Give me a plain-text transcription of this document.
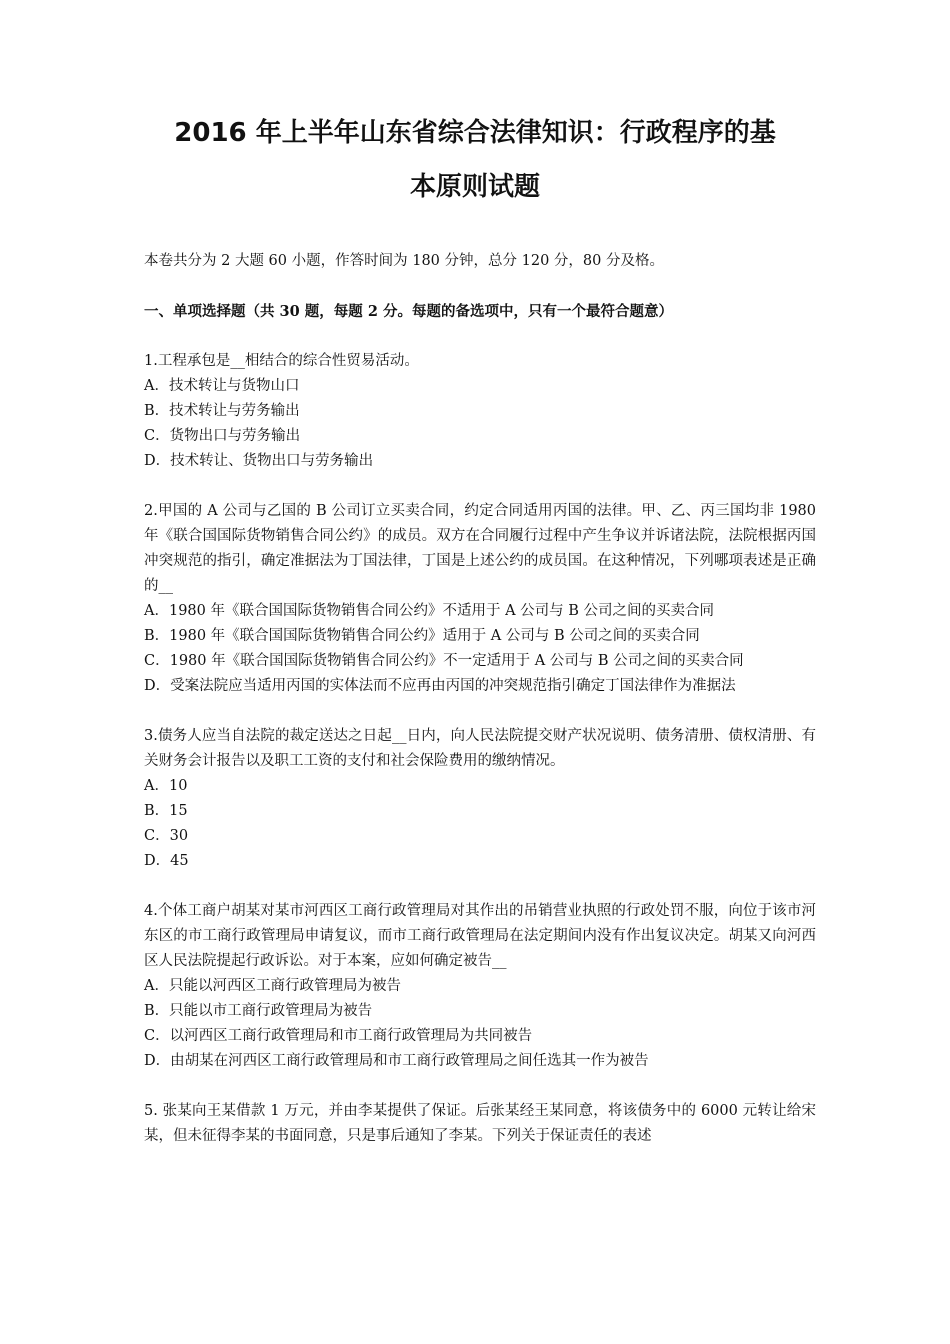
2016 年上半年山东省综合法律知识：行政程序的基
本原则试题

本卷共分为 2 大题 60 小题，作答时间为 180 分钟，总分 120 分，80 分及格。

一、单项选择题（共 30 题，每题 2 分。每题的备选项中，只有一个最符合题意）

1.工程承包是__相结合的综合性贸易活动。

A．技术转让与货物山口

B．技术转让与劳务输出

C．货物出口与劳务输出

D．技术转让、货物出口与劳务输出

2.甲国的 A 公司与乙国的 B 公司订立买卖合同，约定合同适用丙国的法律。甲、乙、丙三国均非 1980 年《联合国国际货物销售合同公约》的成员。双方在合同履行过程中产生争议并诉诸法院，法院根据丙国冲突规范的指引，确定准据法为丁国法律，丁国是上述公约的成员国。在这种情况，下列哪项表述是正确的__

A．1980 年《联合国国际货物销售合同公约》不适用于 A 公司与 B 公司之间的买卖合同

B．1980 年《联合国国际货物销售合同公约》适用于 A 公司与 B 公司之间的买卖合同

C．1980 年《联合国国际货物销售合同公约》不一定适用于 A 公司与 B 公司之间的买卖合同

D．受案法院应当适用丙国的实体法而不应再由丙国的冲突规范指引确定丁国法律作为准据法

3.债务人应当自法院的裁定送达之日起__日内，向人民法院提交财产状况说明、债务清册、债权清册、有关财务会计报告以及职工工资的支付和社会保险费用的缴纳情况。

A．10

B．15

C．30

D．45

4.个体工商户胡某对某市河西区工商行政管理局对其作出的吊销营业执照的行政处罚不服，向位于该市河东区的市工商行政管理局申请复议，而市工商行政管理局在法定期间内没有作出复议决定。胡某又向河西区人民法院提起行政诉讼。对于本案，应如何确定被告__

A．只能以河西区工商行政管理局为被告

B．只能以市工商行政管理局为被告

C．以河西区工商行政管理局和市工商行政管理局为共同被告

D．由胡某在河西区工商行政管理局和市工商行政管理局之间任选其一作为被告

5. 张某向王某借款 1 万元，并由李某提供了保证。后张某经王某同意，将该债务中的 6000 元转让给宋某，但未征得李某的书面同意，只是事后通知了李某。下列关于保证责任的表述
